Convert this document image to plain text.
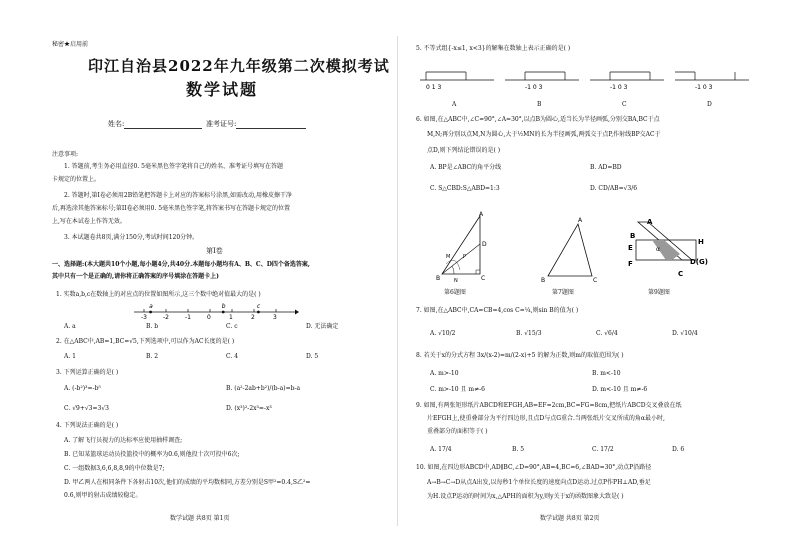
秘密★启用前
印江自治县2022年九年级第二次模拟考试
数学试题
姓名:	准考证号:
注意事项:
1. 答题前,考生务必用直径0. 5毫米黑色签字笔将自己的姓名、准考证号填写在答题
卡规定的位置上。
2. 答题时,第I卷必须用2B铅笔把答题卡上对应的答案标号涂黑,如需改动,用橡皮擦干净
后,再选涂其他答案标号;第II卷必须用0. 5毫米黑色签字笔,将答案书写在答题卡规定的位置
上,写在本试卷上作答无效。
3. 本试题卷共8页,满分150分,考试时间120分钟。
第I卷
一、选择题:(本大题共10个小题,每小题4分,共40分.本题每小题均有A、B、C、D四个备选答案,
其中只有一个是正确的,请你将正确答案的序号填涂在答题卡上)
1. 实数a,b,c在数轴上的对应点的位置如图所示,这三个数中绝对值最大的是( )
-3	-2	-1	0	1	2	3
a	b	c
A. a	B. b	C. c	D. 无法确定
2. 在△ABC中,AB=1,BC=√5,下列选项中,可以作为AC长度的是( )
A. 1	B. 2	C. 4	D. 5
3. 下列运算正确的是( )
A. (-b²)³=-b⁵	B. (a²-2ab+b²)/(b-a)=b-a
C. √9+√3=3√3	D. (x³)²-2x³=-x³
4. 下列说法正确的是( )
A. 了解飞行员视力的达标率应使用抽样调查;
B. 已知某篮球运动员投篮投中的概率为0.6,则他投十次可投中6次;
C. 一组数据3,6,6,8,8,9的中位数是7;
D. 甲乙两人在相同条件下各射击10次,他们的成绩的平均数相同,方差分别是S甲²=0.4,S乙²=
0.6,则甲的射击成绩较稳定。
数学试题 共8页 第1页
5. 不等式组{-x≤1, x<3}的解集在数轴上表示正确的是( )
0 1 3	-1 0 3	-1 0 3	-1 0 3
A	B	C	D
6. 如图,在△ABC中,∠C=90°,∠A=30°,以点B为圆心,适当长为半径画弧,分别交BA,BC于点
M,N;再分别以点M,N为圆心,大于½MN的长为半径画弧,两弧交于点P,作射线BP交AC于
点D,则下列结论错误的是( )
A. BP是∠ABC的角平分线	B. AD=BD
C. S△CBD:S△ABD=1:3	D. CD/AB=√3/6
A
B	C
D
M
N
P
第6题图
A
B	C
第7题图
A
B
E
F
H
C
D(G)
α
第9题图
7. 如图,在△ABC中,CA=CB=4,cos C=¼,则sin B的值为( )
A. √10/2	B. √15/3	C. √6/4	D. √10/4
8. 若关于x的分式方程 3x/(x-2)=m/(2-x)+5 的解为正数,则m的取值范围为( )
A. m>-10	B. m<-10
C. m>-10 且 m≠-6	D. m<-10 且 m≠-6
9. 如图,有两张矩形纸片ABCD和EFGH,AB=EF=2cm,BC=FG=8cm,把纸片ABCD交叉叠放在纸
片EFGH上,使重叠部分为平行四边形,且点D与点G重合.当两张纸片交叉所成的角α最小时,
重叠部分的面积等于( )
A. 17/4	B. 5	C. 17/2	D. 6
10. 如图,在四边形ABCD中,AD∥BC,∠D=90°,AB=4,BC=6,∠BAD=30°,动点P沿路径
A→B→C→D从点A出发,以每秒1个单位长度的速度向点D运动.过点P作PH⊥AD,垂足
为H.设点P运动的时间为x,△APH的面积为y,则y关于x的函数图象大致是( )
数学试题 共8页 第2页
